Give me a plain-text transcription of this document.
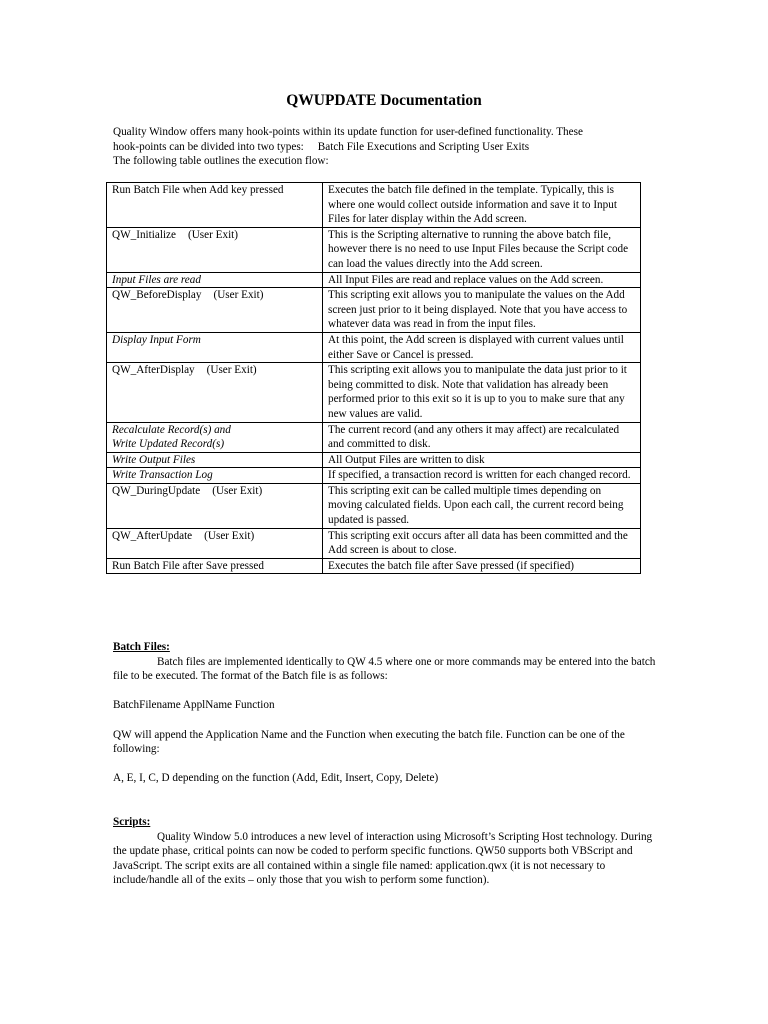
QWUPDATE Documentation

Quality Window offers many hook-points within its update function for user-defined functionality. These

hook-points can be divided into two types: Batch File Executions and Scripting User Exits

The following table outlines the execution flow:

Run Batch File when Add key pressed	Executes the batch file defined in the template. Typically, this is where one would collect outside information and save it to Input Files for later display within the Add screen.
QW_Initialize (User Exit)	This is the Scripting alternative to running the above batch file, however there is no need to use Input Files because the Script code can load the values directly into the Add screen.
Input Files are read	All Input Files are read and replace values on the Add screen.
QW_BeforeDisplay (User Exit)	This scripting exit allows you to manipulate the values on the Add screen just prior to it being displayed. Note that you have access to whatever data was read in from the input files.
Display Input Form	At this point, the Add screen is displayed with current values until either Save or Cancel is pressed.
QW_AfterDisplay (User Exit)	This scripting exit allows you to manipulate the data just prior to it being committed to disk. Note that validation has already been performed prior to this exit so it is up to you to make sure that any new values are valid.
Recalculate Record(s) and
Write Updated Record(s)	The current record (and any others it may affect) are recalculated and committed to disk.
Write Output Files	All Output Files are written to disk
Write Transaction Log	If specified, a transaction record is written for each changed record.
QW_DuringUpdate (User Exit)	This scripting exit can be called multiple times depending on moving calculated fields. Upon each call, the current record being updated is passed.
QW_AfterUpdate (User Exit)	This scripting exit occurs after all data has been committed and the Add screen is about to close.
Run Batch File after Save pressed	Executes the batch file after Save pressed (if specified)

Batch Files:

Batch files are implemented identically to QW 4.5 where one or more commands may be entered into the batch file to be executed. The format of the Batch file is as follows:

BatchFilename ApplName Function

QW will append the Application Name and the Function when executing the batch file. Function can be one of the following:

A, E, I, C, D depending on the function (Add, Edit, Insert, Copy, Delete)

Scripts:

Quality Window 5.0 introduces a new level of interaction using Microsoft’s Scripting Host technology. During the update phase, critical points can now be coded to perform specific functions. QW50 supports both VBScript and JavaScript. The script exits are all contained within a single file named: application.qwx (it is not necessary to include/handle all of the exits – only those that you wish to perform some function).
